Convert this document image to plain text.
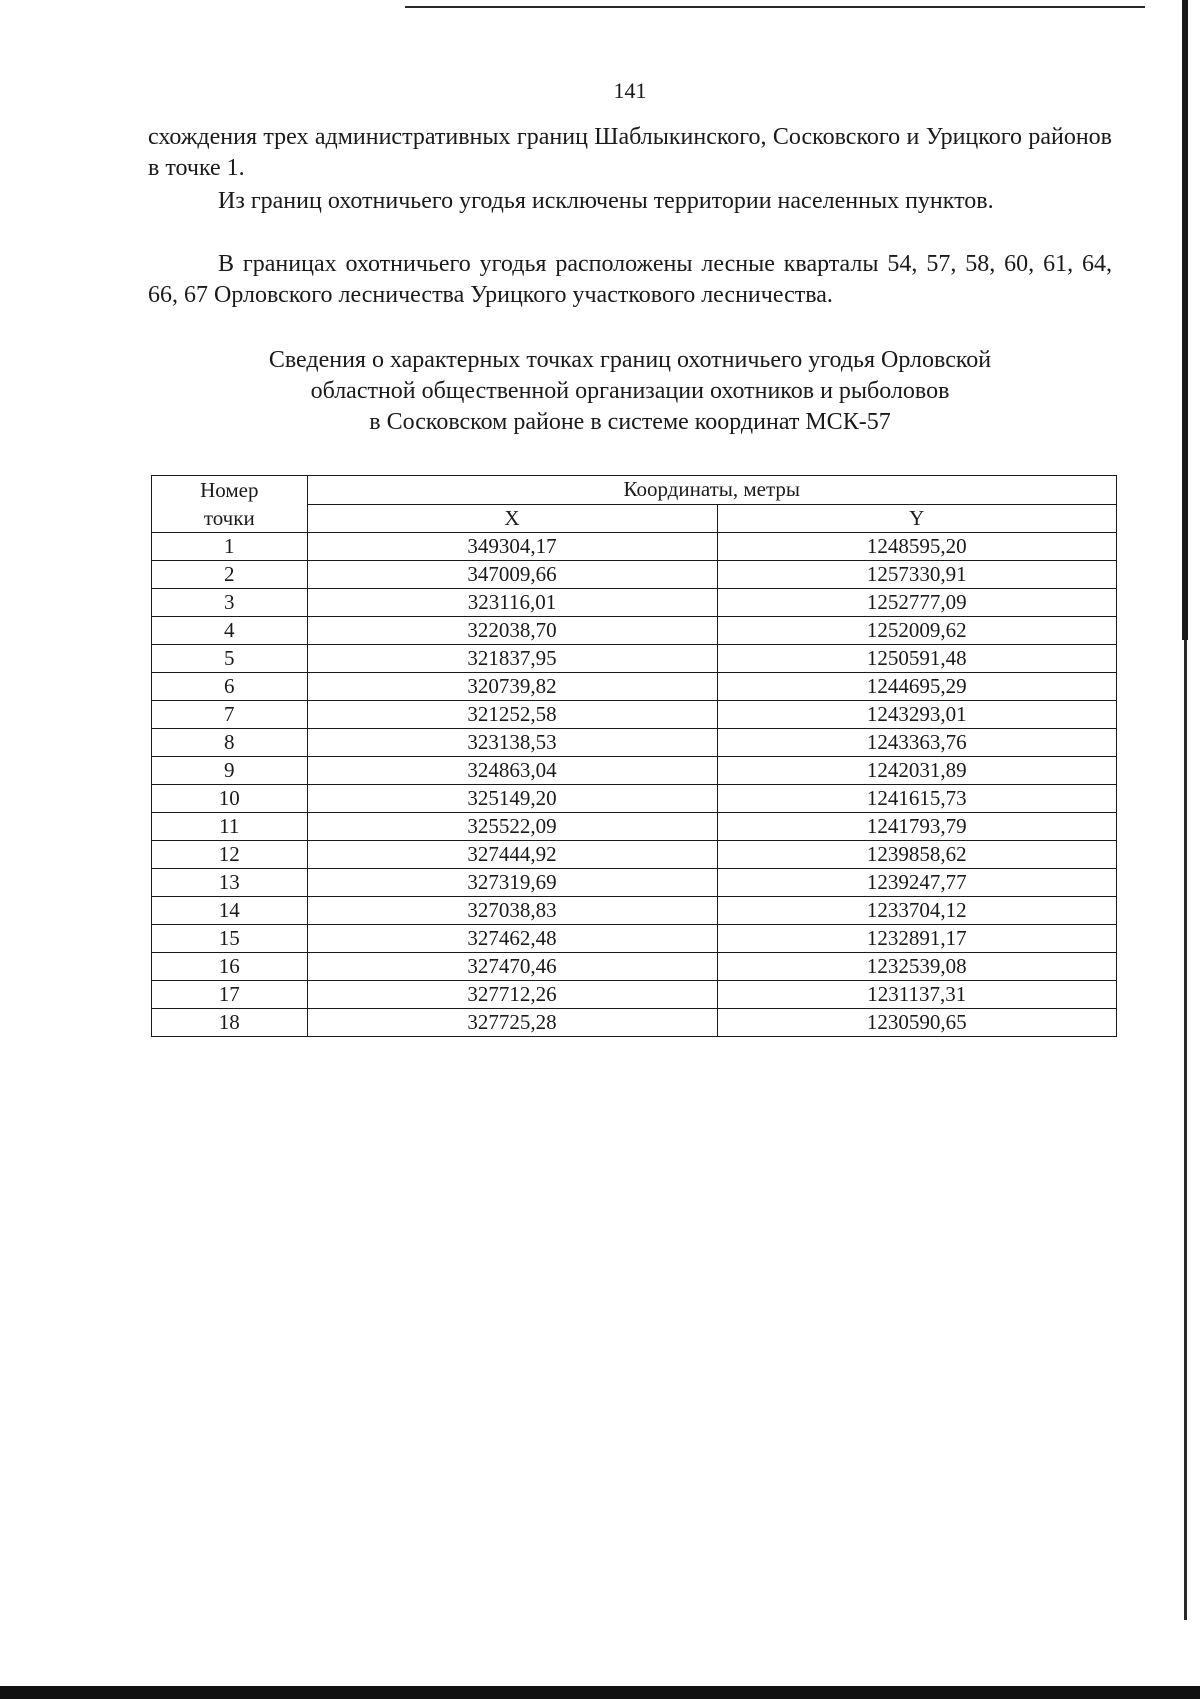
141
схождения трех административных границ Шаблыкинского, Сосковского и Урицкого районов в точке 1.
Из границ охотничьего угодья исключены территории населенных пунктов.
В границах охотничьего угодья расположены лесные кварталы 54, 57, 58, 60, 61, 64, 66, 67 Орловского лесничества Урицкого участкового лесничества.
Сведения о характерных точках границ охотничьего угодья Орловской
областной общественной организации охотников и рыболовов
в Сосковском районе в системе координат МСК-57
Номер точки	Координаты, метры	
	X	Y
1	349304,17	1248595,20
2	347009,66	1257330,91
3	323116,01	1252777,09
4	322038,70	1252009,62
5	321837,95	1250591,48
6	320739,82	1244695,29
7	321252,58	1243293,01
8	323138,53	1243363,76
9	324863,04	1242031,89
10	325149,20	1241615,73
11	325522,09	1241793,79
12	327444,92	1239858,62
13	327319,69	1239247,77
14	327038,83	1233704,12
15	327462,48	1232891,17
16	327470,46	1232539,08
17	327712,26	1231137,31
18	327725,28	1230590,65
